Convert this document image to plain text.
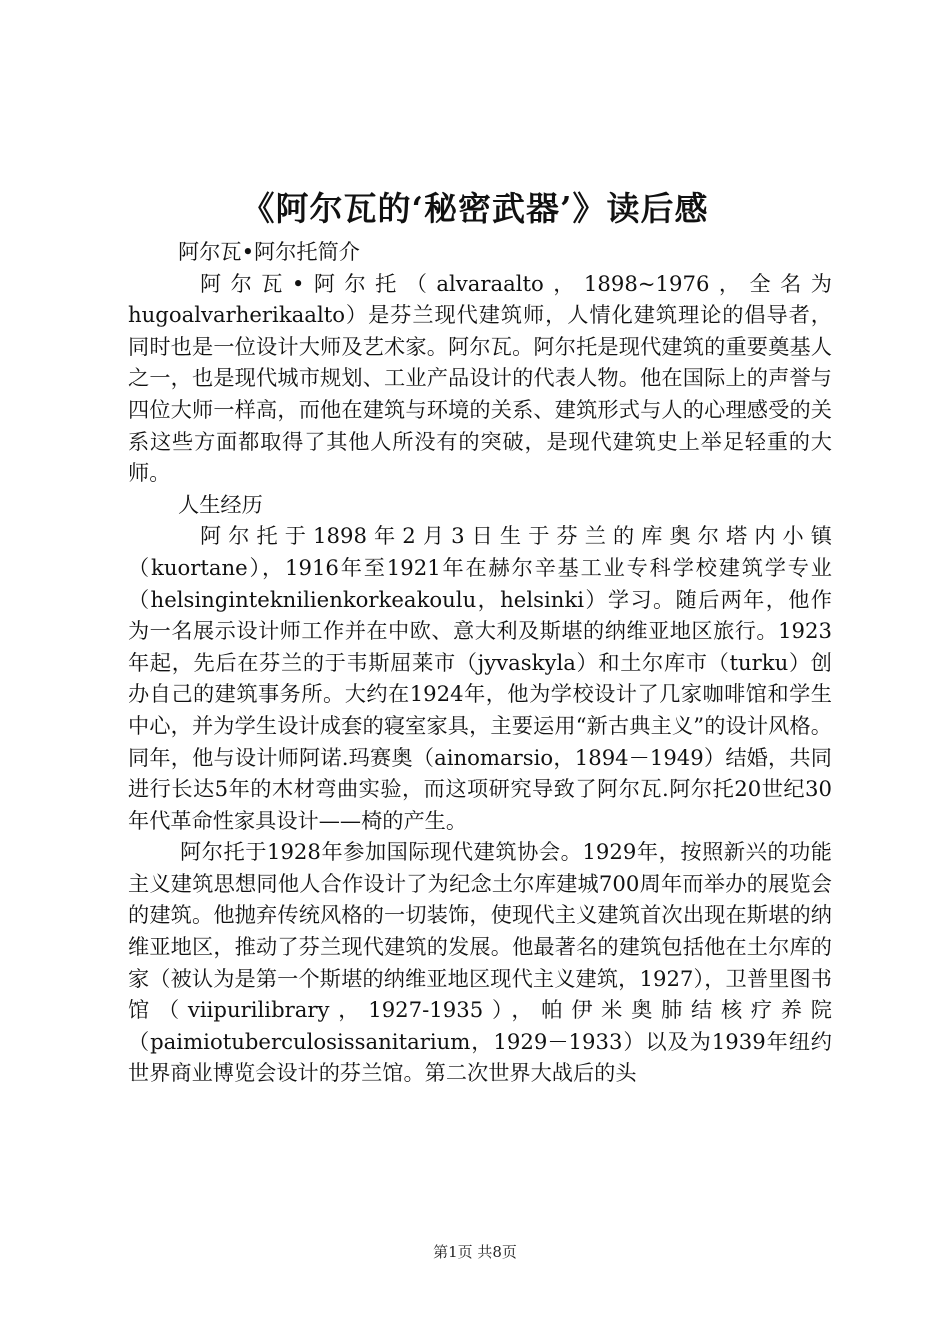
《阿尔瓦的‘秘密武器’》读后感

阿尔瓦•阿尔托简介

阿尔瓦•阿尔托（alvaraalto，1898~1976，全名为hugoalvarherikaalto）是芬兰现代建筑师，人情化建筑理论的倡导者，同时也是一位设计大师及艺术家。阿尔瓦。阿尔托是现代建筑的重要奠基人之一，也是现代城市规划、工业产品设计的代表人物。他在国际上的声誉与四位大师一样高，而他在建筑与环境的关系、建筑形式与人的心理感受的关系这些方面都取得了其他人所没有的突破，是现代建筑史上举足轻重的大师。

人生经历

阿尔托于1898年2月3日生于芬兰的库奥尔塔内小镇（kuortane），1916年至1921年在赫尔辛基工业专科学校建筑学专业（helsinginteknilienkorkeakoulu，helsinki）学习。随后两年，他作为一名展示设计师工作并在中欧、意大利及斯堪的纳维亚地区旅行。1923年起，先后在芬兰的于韦斯屈莱市（jyvaskyla）和土尔库市（turku）创办自己的建筑事务所。大约在1924年，他为学校设计了几家咖啡馆和学生中心，并为学生设计成套的寝室家具，主要运用“新古典主义”的设计风格。同年，他与设计师阿诺.玛赛奥（ainomarsio，1894－1949）结婚，共同进行长达5年的木材弯曲实验，而这项研究导致了阿尔瓦.阿尔托20世纪30年代革命性家具设计——椅的产生。

阿尔托于1928年参加国际现代建筑协会。1929年，按照新兴的功能主义建筑思想同他人合作设计了为纪念土尔库建城700周年而举办的展览会的建筑。他抛弃传统风格的一切装饰，使现代主义建筑首次出现在斯堪的纳维亚地区，推动了芬兰现代建筑的发展。他最著名的建筑包括他在土尔库的家（被认为是第一个斯堪的纳维亚地区现代主义建筑，1927），卫普里图书馆（viipurilibrary，1927-1935），帕伊米奥肺结核疗养院（paimiotuberculosissanitarium，1929－1933）以及为1939年纽约世界商业博览会设计的芬兰馆。第二次世界大战后的头

第1页 共8页
